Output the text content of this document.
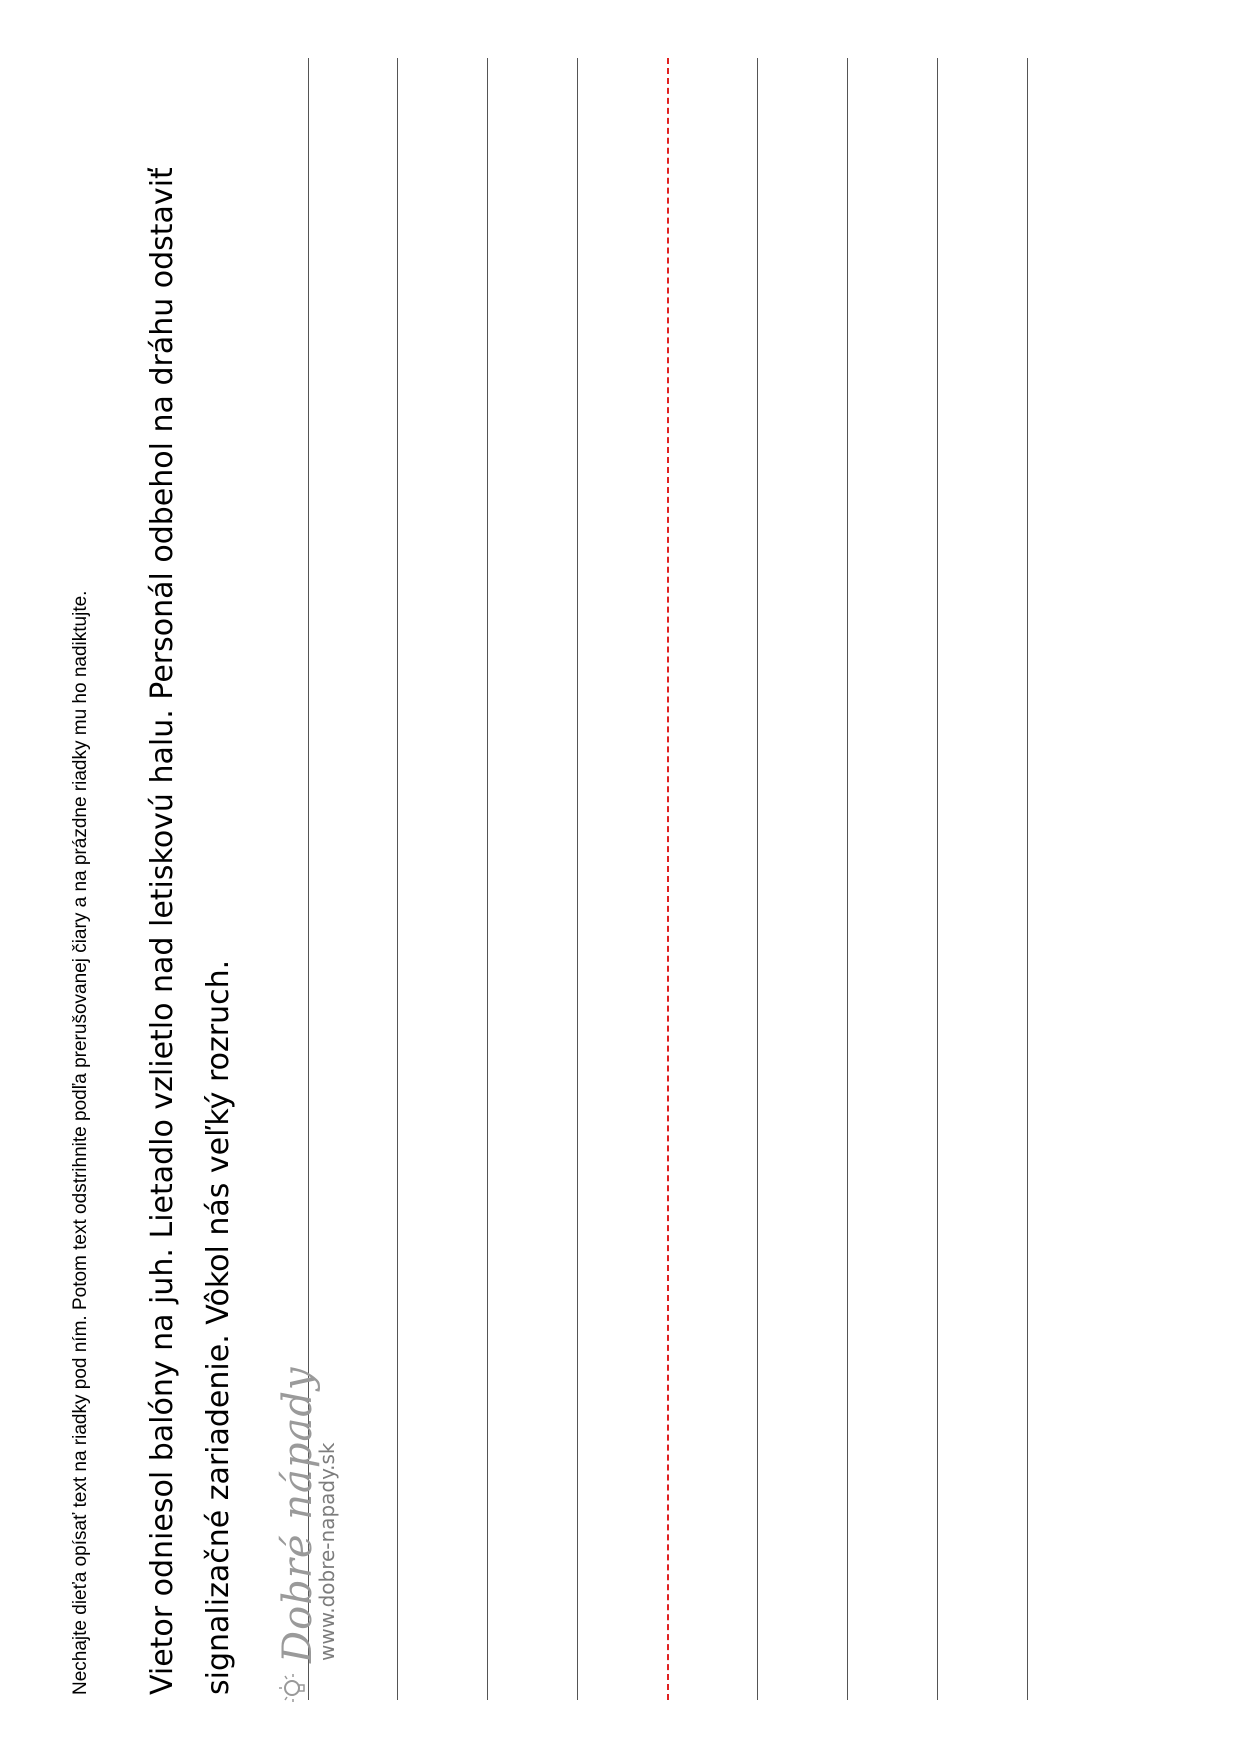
Nechajte dieťa opísať text na riadky pod ním. Potom text odstrihnite podľa prerušovanej čiary a na prázdne riadky mu ho nadiktujte.	Vietor odniesol balóny na juh. Lietadlo vzlietlo nad letiskovú halu. Personál odbehol na dráhu odstaviť signalizačné zariadenie. Vôkol nás veľký rozruch. Dobré nápady
www.dobre-napady.sk
